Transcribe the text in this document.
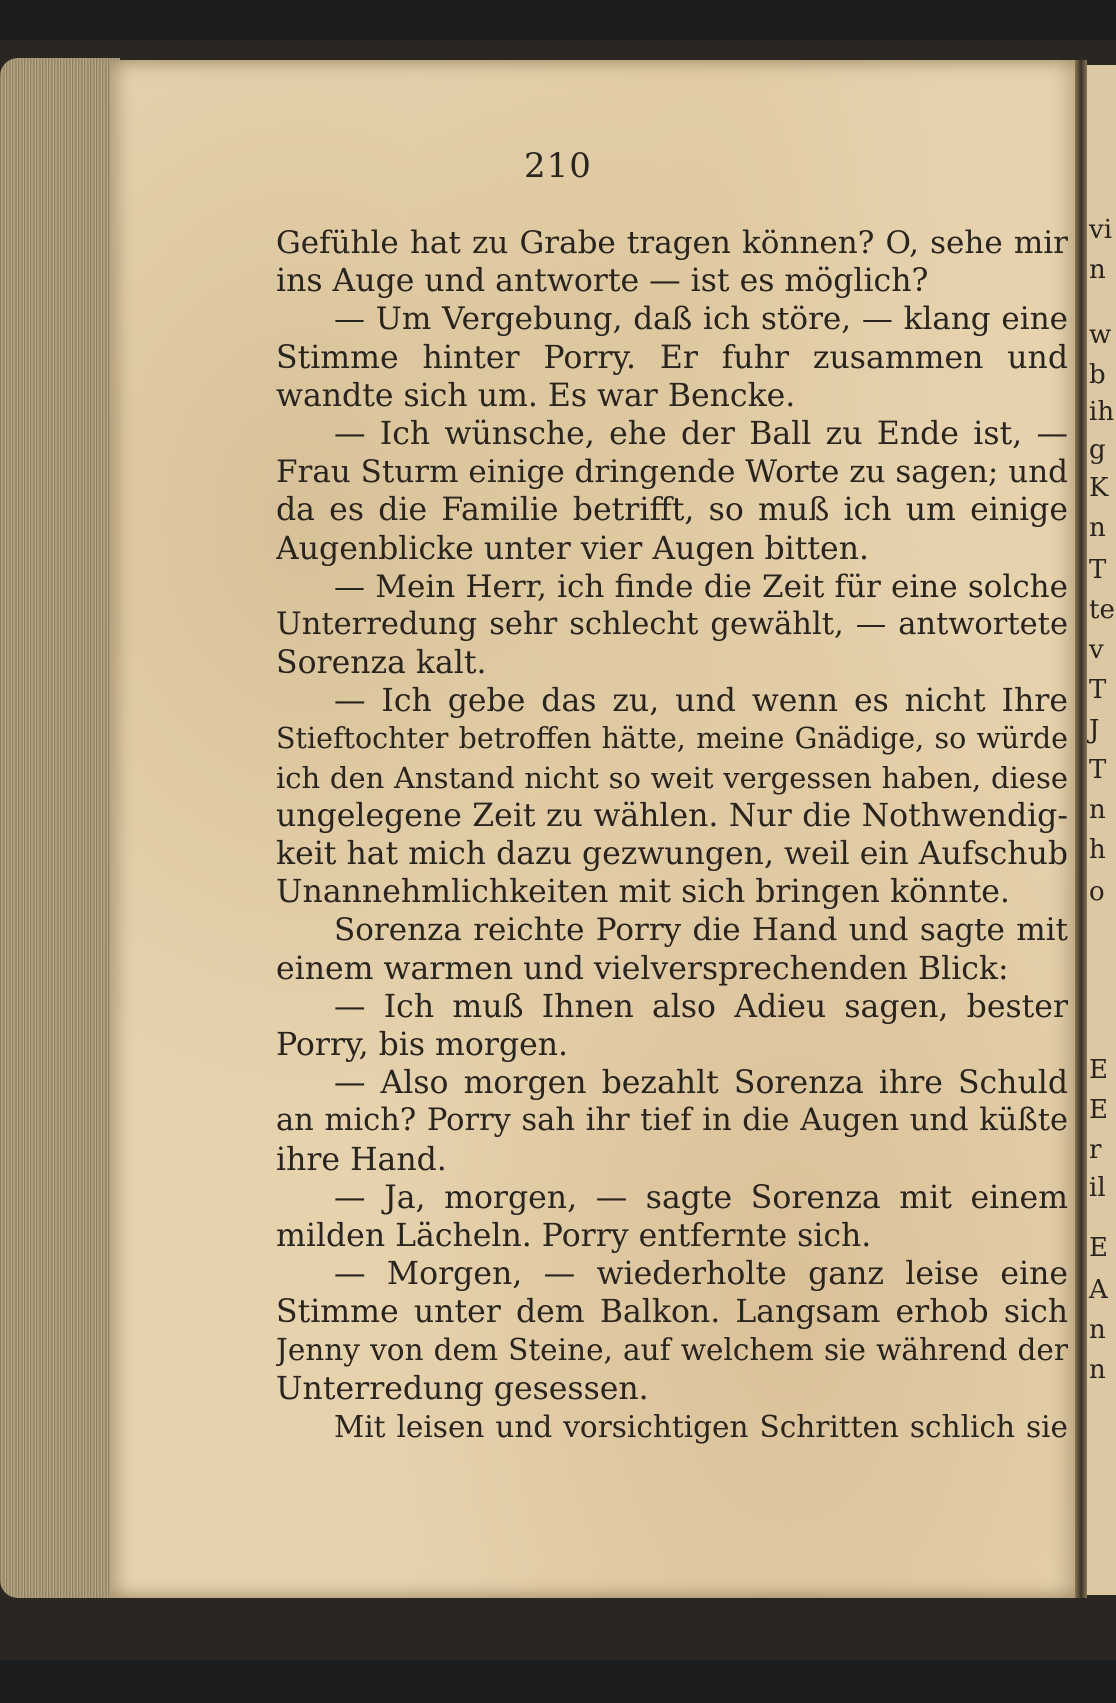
vi
n
w
b
ih
g
K
n
T
te
v
T
J
T
n
h
o
E
E
r
il
E
A
n
n
210
Gefühle hat zu Grabe tragen können? O, sehe mir
ins Auge und antworte — ist es möglich?
— Um Vergebung, daß ich störe, — klang eine
Stimme hinter Porry. Er fuhr zusammen und
wandte sich um. Es war Bencke.
— Ich wünsche, ehe der Ball zu Ende ist, —
Frau Sturm einige dringende Worte zu sagen; und
da es die Familie betrifft, so muß ich um einige
Augenblicke unter vier Augen bitten.
— Mein Herr, ich finde die Zeit für eine solche
Unterredung sehr schlecht gewählt, — antwortete
Sorenza kalt.
— Ich gebe das zu, und wenn es nicht Ihre
Stieftochter betroffen hätte, meine Gnädige, so würde
ich den Anstand nicht so weit vergessen haben, diese
ungelegene Zeit zu wählen. Nur die Nothwendig-
keit hat mich dazu gezwungen, weil ein Aufschub
Unannehmlichkeiten mit sich bringen könnte.
Sorenza reichte Porry die Hand und sagte mit
einem warmen und vielversprechenden Blick:
— Ich muß Ihnen also Adieu sagen, bester
Porry, bis morgen.
— Also morgen bezahlt Sorenza ihre Schuld
an mich? Porry sah ihr tief in die Augen und küßte
ihre Hand.
— Ja, morgen, — sagte Sorenza mit einem
milden Lächeln. Porry entfernte sich.
— Morgen, — wiederholte ganz leise eine
Stimme unter dem Balkon. Langsam erhob sich
Jenny von dem Steine, auf welchem sie während der
Unterredung gesessen.
Mit leisen und vorsichtigen Schritten schlich sie
